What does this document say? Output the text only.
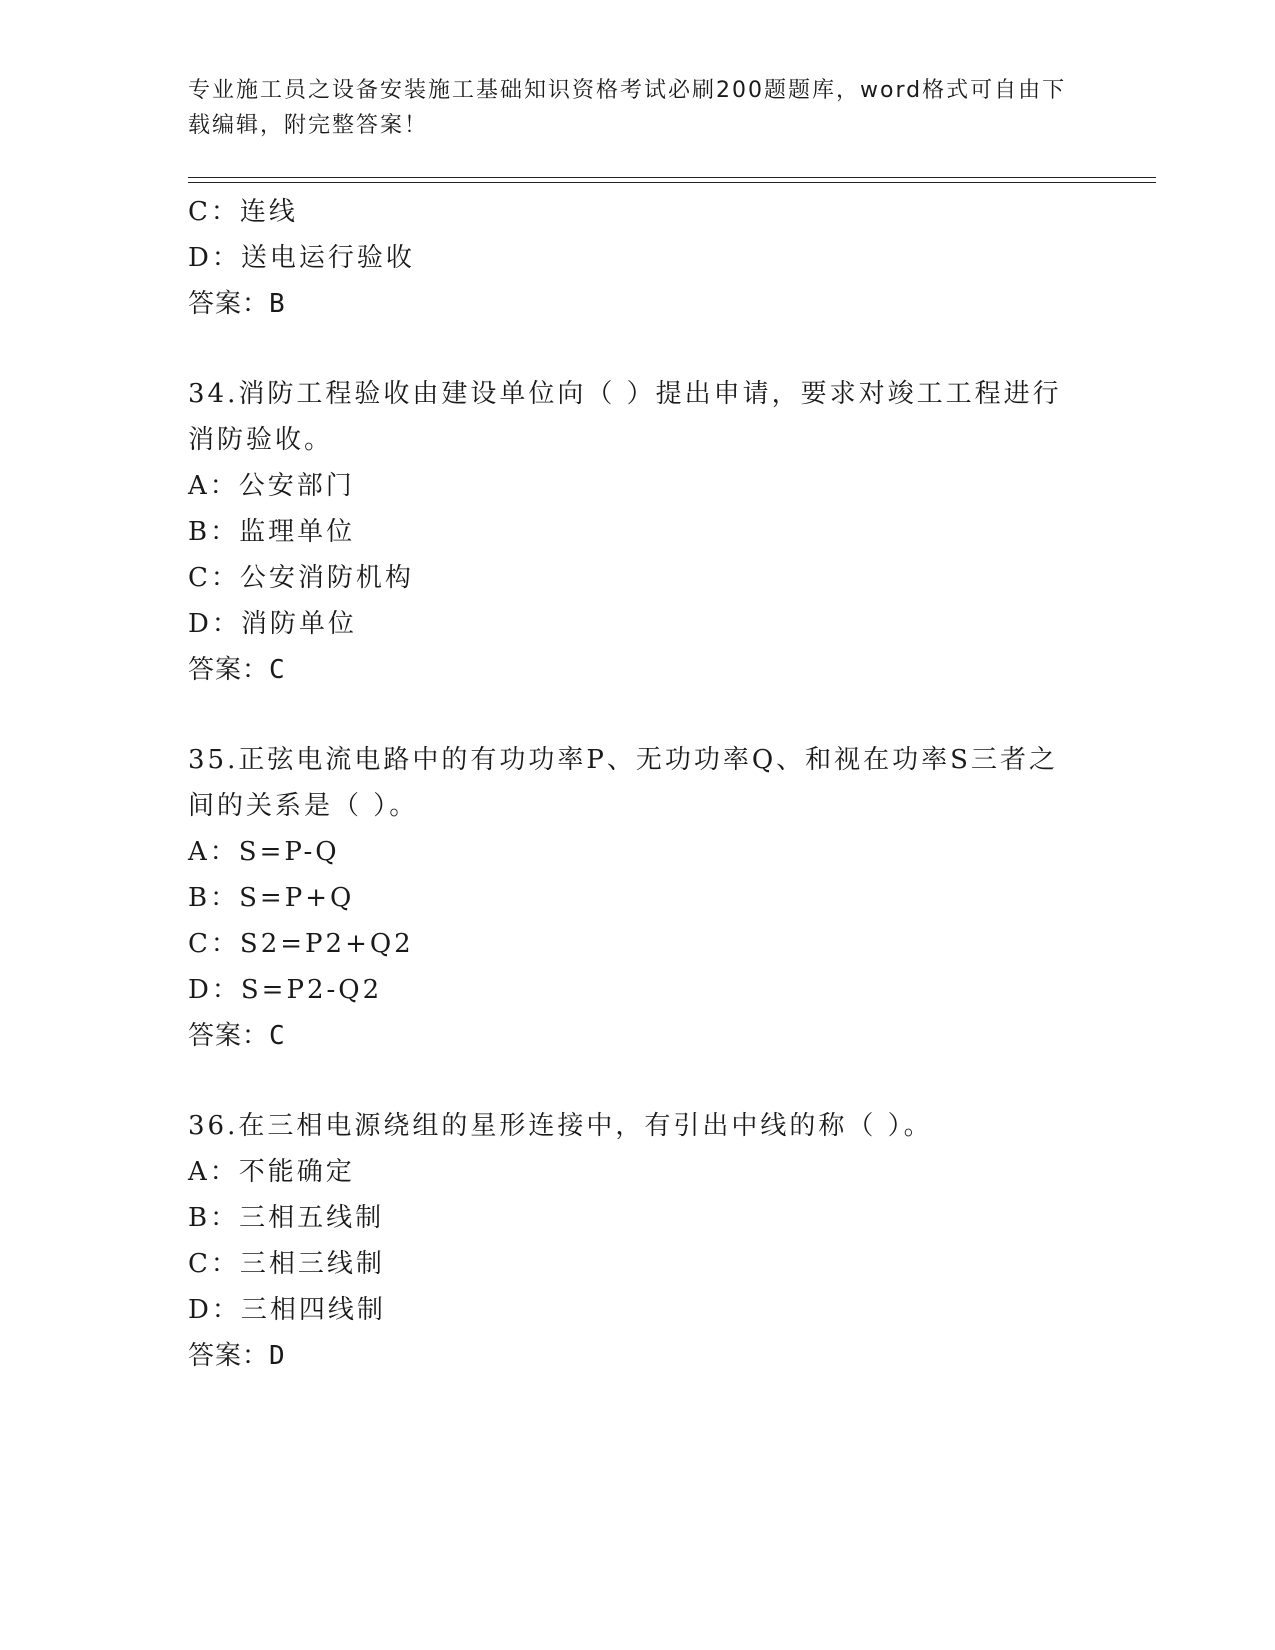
专业施工员之设备安装施工基础知识资格考试必刷200题题库，word格式可自由下载编辑，附完整答案！
C：连线
D：送电运行验收
答案：B
34.消防工程验收由建设单位向（ ）提出申请，要求对竣工工程进行消防验收。
A：公安部门
B：监理单位
C：公安消防机构
D：消防单位
答案：C
35.正弦电流电路中的有功功率P、无功功率Q、和视在功率S三者之间的关系是（ ）。
A：S=P-Q
B：S=P+Q
C：S2=P2+Q2
D：S=P2-Q2
答案：C
36.在三相电源绕组的星形连接中，有引出中线的称（ ）。
A：不能确定
B：三相五线制
C：三相三线制
D：三相四线制
答案：D
